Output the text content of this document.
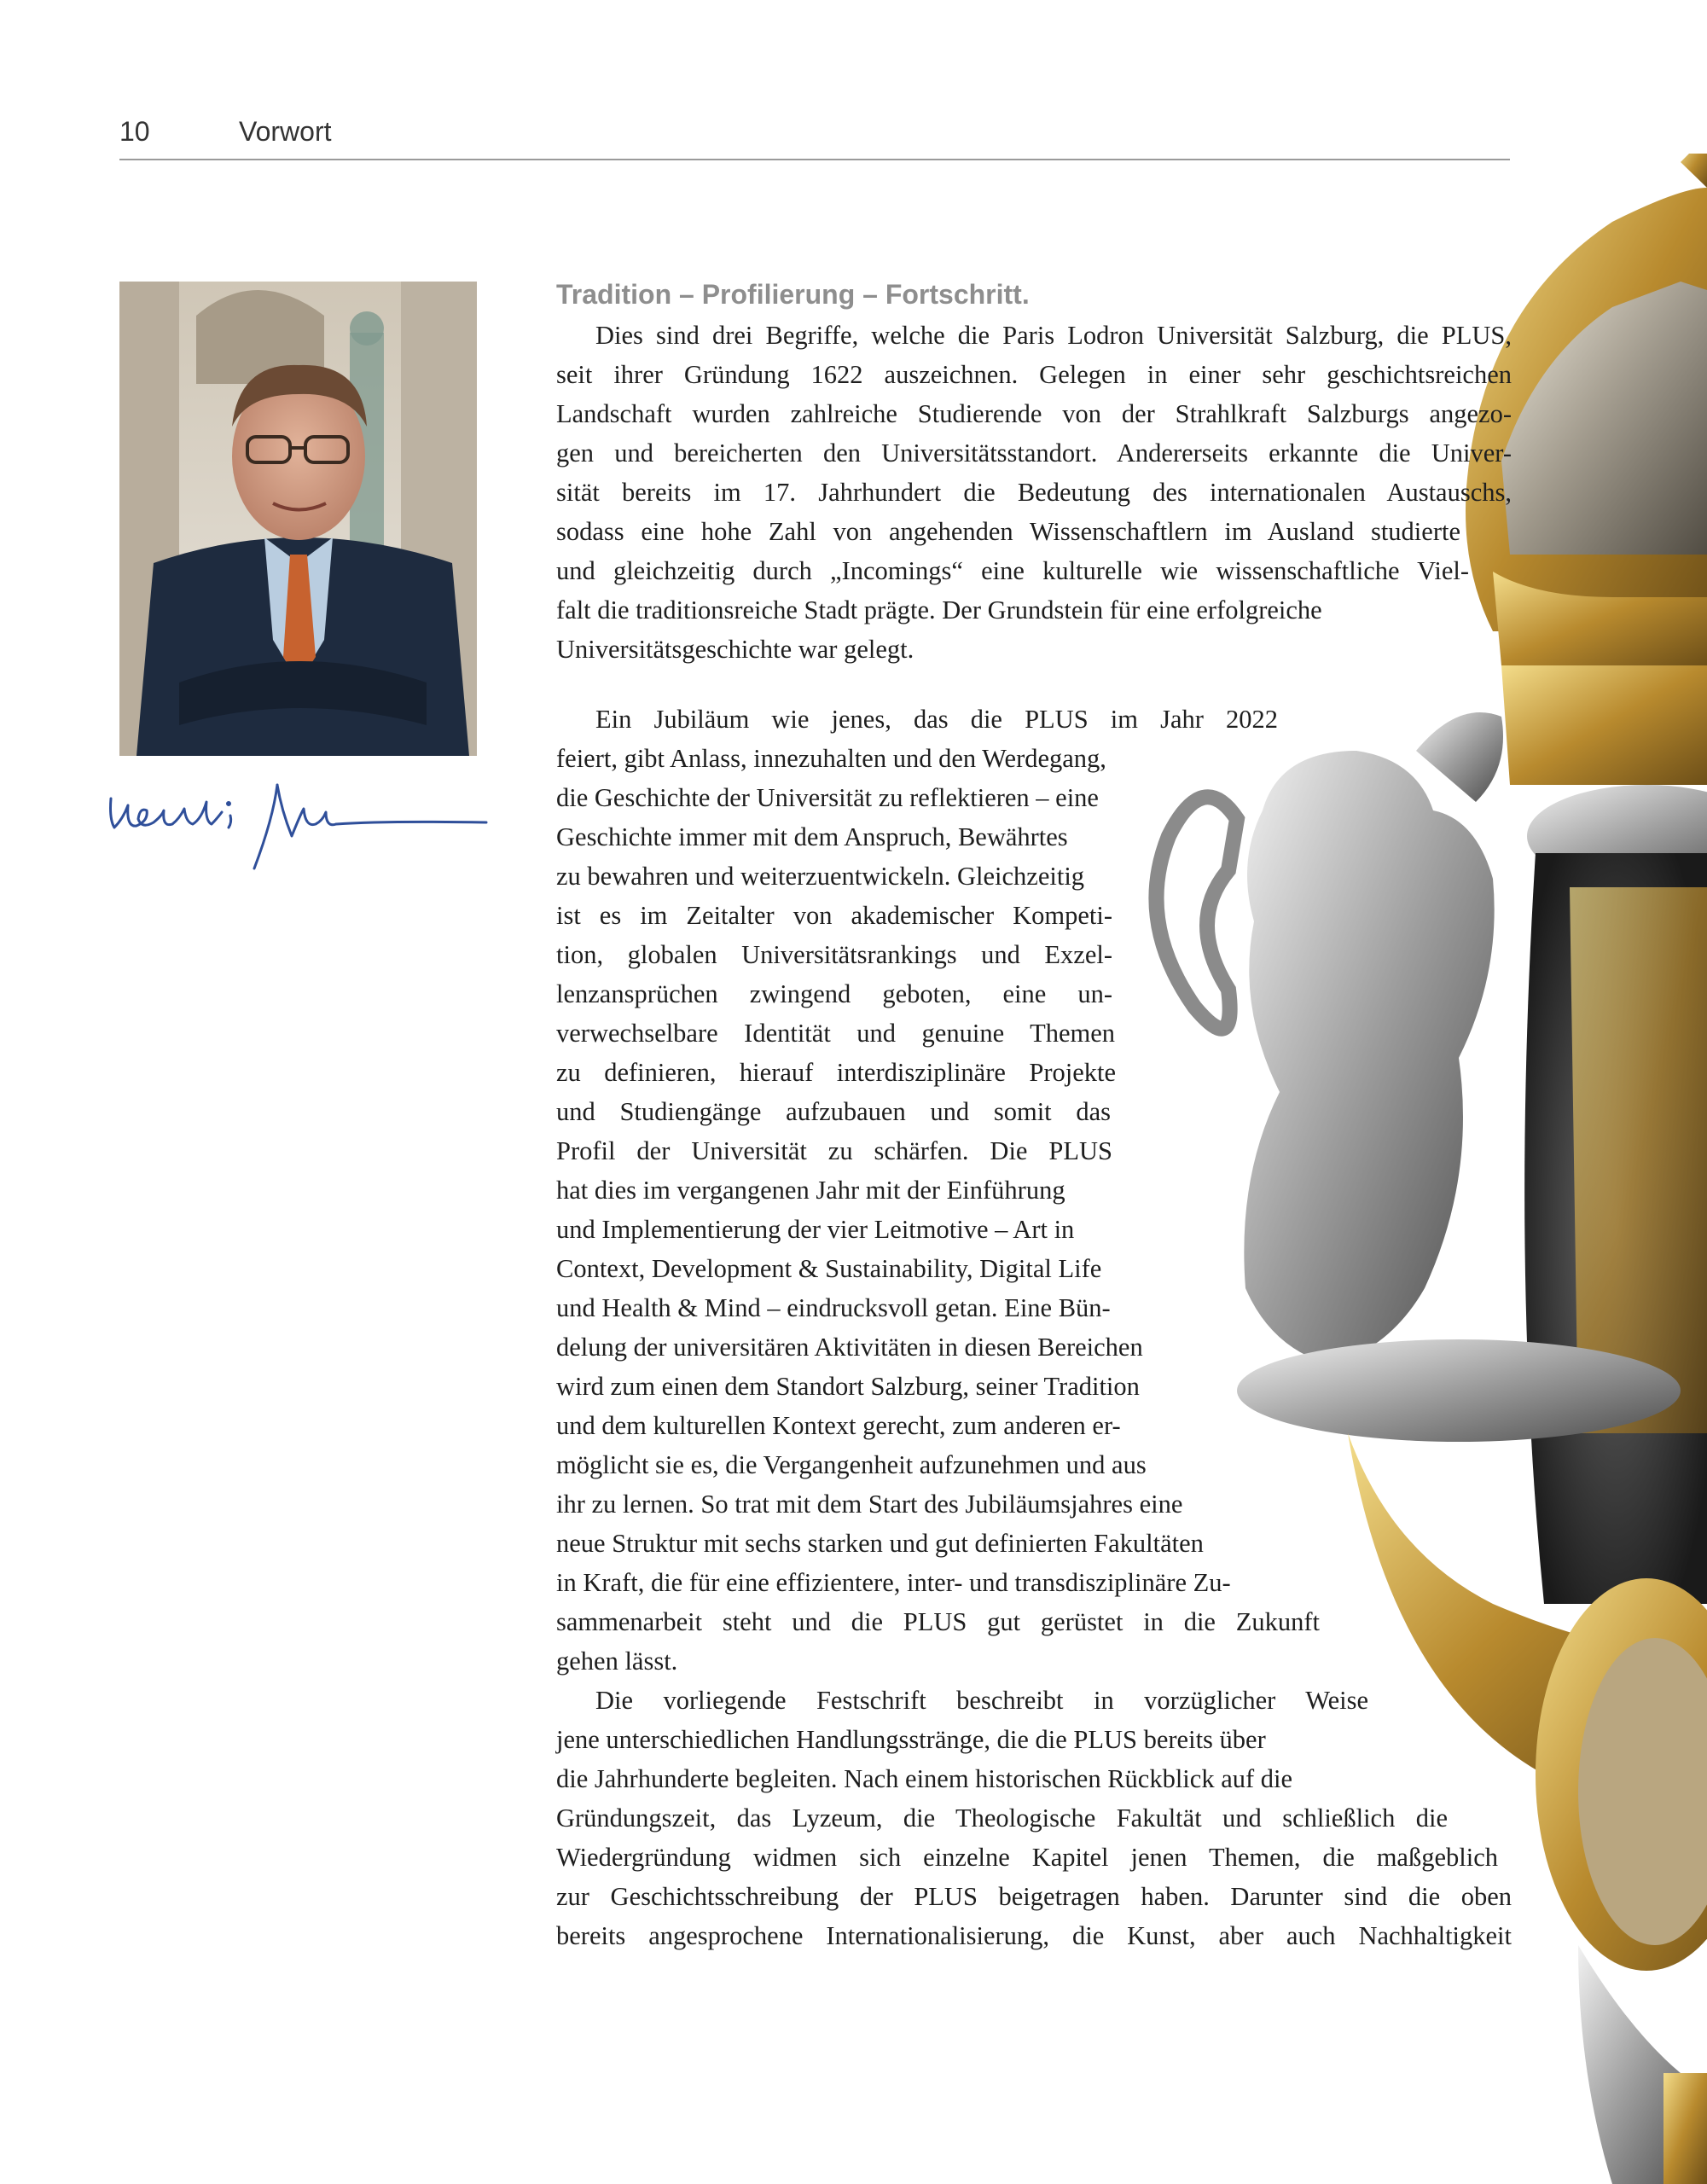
10	Vorwort
Tradition – Profilierung – Fortschritt.

Dies sind drei Begriffe, welche die Paris Lodron Universität Salzburg, die PLUS,
seit ihrer Gründung 1622 auszeichnen. Gelegen in einer sehr geschichtsreichen
Landschaft wurden zahlreiche Studierende von der Strahlkraft Salzburgs angezo-
gen und bereicherten den Universitätsstandort. Andererseits erkannte die Univer-
sität bereits im 17. Jahrhundert die Bedeutung des internationalen Austauschs,
sodass eine hohe Zahl von angehenden Wissenschaftlern im Ausland studierte
und gleichzeitig durch „Incomings“ eine kulturelle wie wissenschaftliche Viel-
falt die traditionsreiche Stadt prägte. Der Grundstein für eine erfolgreiche
Universitätsgeschichte war gelegt.

Ein Jubiläum wie jenes, das die PLUS im Jahr 2022
feiert, gibt Anlass, innezuhalten und den Werdegang,
die Geschichte der Universität zu reflektieren – eine
Geschichte immer mit dem Anspruch, Bewährtes
zu bewahren und weiterzuentwickeln. Gleichzeitig
ist es im Zeitalter von akademischer Kompeti-
tion, globalen Universitätsrankings und Exzel-
lenzansprüchen zwingend geboten, eine un-
verwechselbare Identität und genuine Themen
zu definieren, hierauf interdisziplinäre Projekte
und Studiengänge aufzubauen und somit das
Profil der Universität zu schärfen. Die PLUS
hat dies im vergangenen Jahr mit der Einführung
und Implementierung der vier Leitmotive – Art in
Context, Development & Sustainability, Digital Life
und Health & Mind – eindrucksvoll getan. Eine Bün-
delung der universitären Aktivitäten in diesen Bereichen
wird zum einen dem Standort Salzburg, seiner Tradition
und dem kulturellen Kontext gerecht, zum anderen er-
möglicht sie es, die Vergangenheit aufzunehmen und aus
ihr zu lernen. So trat mit dem Start des Jubiläumsjahres eine
neue Struktur mit sechs starken und gut definierten Fakultäten
in Kraft, die für eine effizientere, inter- und transdisziplinäre Zu-
sammenarbeit steht und die PLUS gut gerüstet in die Zukunft
gehen lässt.

Die vorliegende Festschrift beschreibt in vorzüglicher Weise
jene unterschiedlichen Handlungsstränge, die die PLUS bereits über
die Jahrhunderte begleiten. Nach einem historischen Rückblick auf die
Gründungszeit, das Lyzeum, die Theologische Fakultät und schließlich die
Wiedergründung widmen sich einzelne Kapitel jenen Themen, die maßgeblich
zur Geschichtsschreibung der PLUS beigetragen haben. Darunter sind die oben
bereits angesprochene Internationalisierung, die Kunst, aber auch Nachhaltigkeit
